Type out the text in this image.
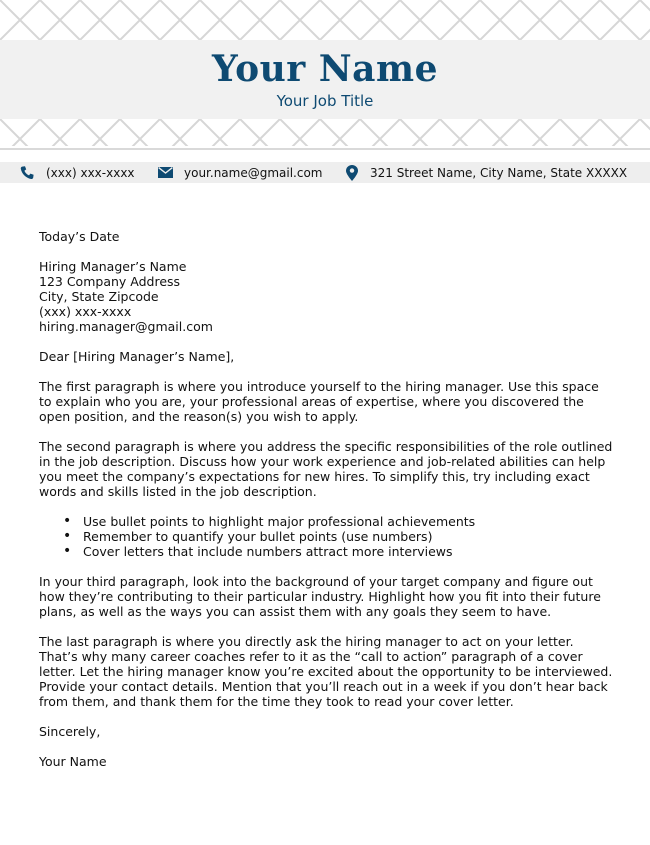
Your Name
Your Job Title
(xxx) xxx-xxxx	your.name@gmail.com	321 Street Name, City Name, State XXXXX

Today’s Date

Hiring Manager’s Name

123 Company Address

City, State Zipcode

(xxx) xxx-xxxx

hiring.manager@gmail.com

Dear [Hiring Manager’s Name],

The first paragraph is where you introduce yourself to the hiring manager. Use this space to explain who you are, your professional areas of expertise, where you discovered the open position, and the reason(s) you wish to apply.

The second paragraph is where you address the specific responsibilities of the role outlined in the job description. Discuss how your work experience and job-related abilities can help you meet the company’s expectations for new hires. To simplify this, try including exact words and skills listed in the job description.

• Use bullet points to highlight major professional achievements
• Remember to quantify your bullet points (use numbers)
• Cover letters that include numbers attract more interviews

In your third paragraph, look into the background of your target company and figure out how they’re contributing to their particular industry. Highlight how you fit into their future plans, as well as the ways you can assist them with any goals they seem to have.

The last paragraph is where you directly ask the hiring manager to act on your letter. That’s why many career coaches refer to it as the “call to action” paragraph of a cover letter. Let the hiring manager know you’re excited about the opportunity to be interviewed. Provide your contact details. Mention that you’ll reach out in a week if you don’t hear back from them, and thank them for the time they took to read your cover letter.

Sincerely,

Your Name
